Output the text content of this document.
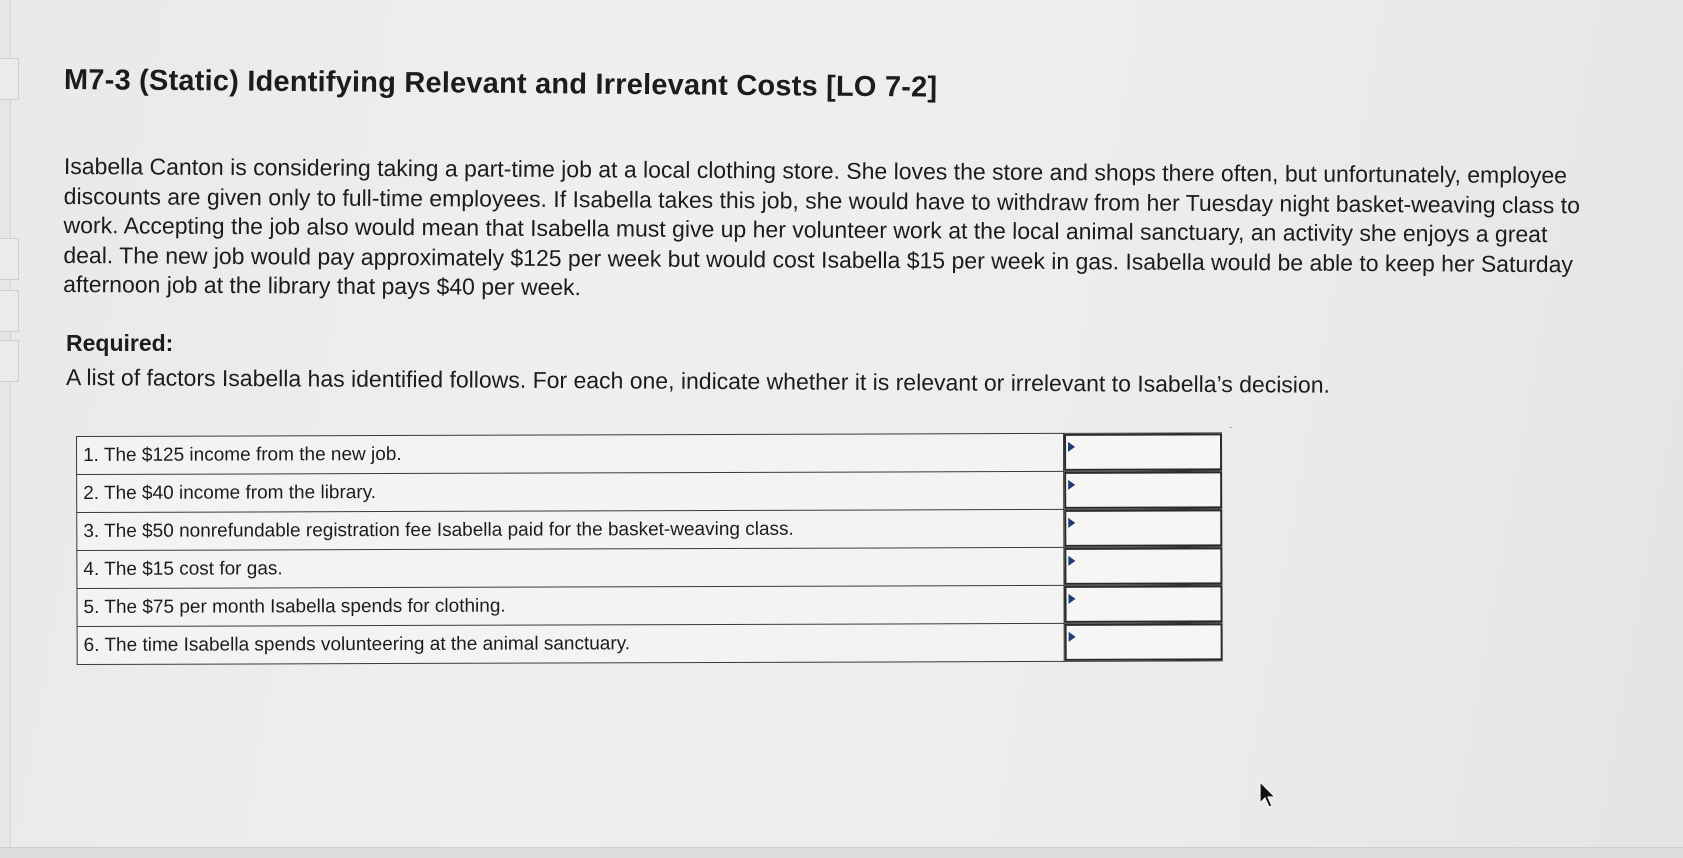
M7-3 (Static) Identifying Relevant and Irrelevant Costs [LO 7-2]

Isabella Canton is considering taking a part-time job at a local clothing store. She loves the store and shops there often, but unfortunately, employee discounts are given only to full-time employees. If Isabella takes this job, she would have to withdraw from her Tuesday night basket-weaving class to work. Accepting the job also would mean that Isabella must give up her volunteer work at the local animal sanctuary, an activity she enjoys a great deal. The new job would pay approximately $125 per week but would cost Isabella $15 per week in gas. Isabella would be able to keep her Saturday afternoon job at the library that pays $40 per week.

Required:
A list of factors Isabella has identified follows. For each one, indicate whether it is relevant or irrelevant to Isabella’s decision.
·
1. The $125 income from the new job.	

2. The $40 income from the library.	

3. The $50 nonrefundable registration fee Isabella paid for the basket-weaving class.	

4. The $15 cost for gas.	

5. The $75 per month Isabella spends for clothing.	

6. The time Isabella spends volunteering at the animal sanctuary.	
